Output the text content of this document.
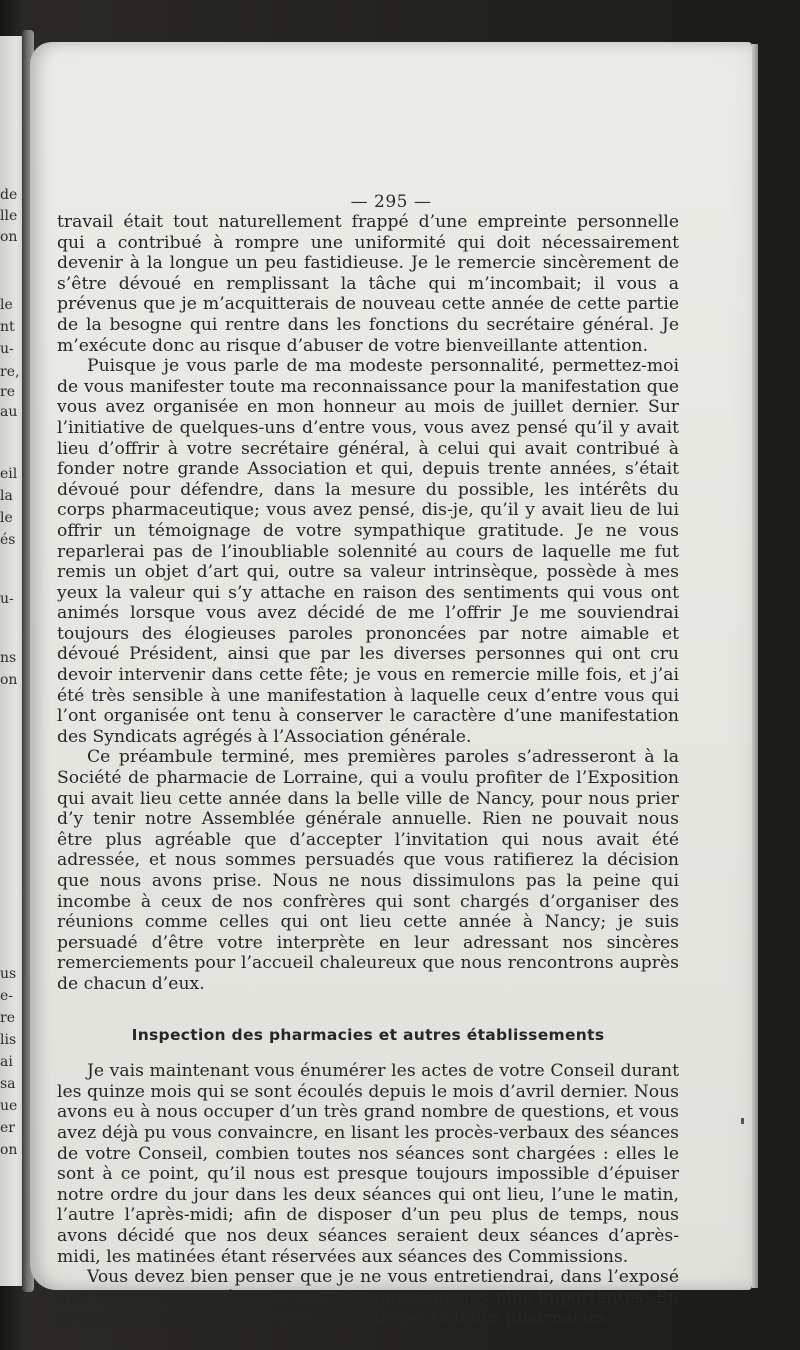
de
lle
on
le
nt
u-
re,
re
au
eil
la
le
és
u-
ns
on
us
e-
re
lis
ai
sa
ue
er
on
— 295 —

travail était tout naturellement frappé d’une empreinte personnelle qui a contribué à rompre une uniformité qui doit nécessairement devenir à la longue un peu fastidieuse. Je le remercie sincèrement de s’être dévoué en remplissant la tâche qui m’incombait; il vous a prévenus que je m’acquitterais de nouveau cette année de cette partie de la besogne qui rentre dans les fonctions du secrétaire général. Je m’exécute donc au risque d’abuser de votre bienveillante attention.

Puisque je vous parle de ma modeste personnalité, permettez-moi de vous manifester toute ma reconnaissance pour la manifestation que vous avez organisée en mon honneur au mois de juillet dernier. Sur l’initiative de quelques-uns d’entre vous, vous avez pensé qu’il y avait lieu d’offrir à votre secrétaire général, à celui qui avait contribué à fonder notre grande Association et qui, depuis trente années, s’était dévoué pour défendre, dans la mesure du possible, les intérêts du corps pharmaceutique; vous avez pensé, dis-je, qu’il y avait lieu de lui offrir un témoignage de votre sympathique gratitude. Je ne vous reparlerai pas de l’inoubliable solennité au cours de laquelle me fut remis un objet d’art qui, outre sa valeur intrinsèque, possède à mes yeux la valeur qui s’y attache en raison des sentiments qui vous ont animés lorsque vous avez décidé de me l’offrir Je me souviendrai toujours des élogieuses paroles prononcées par notre aimable et dévoué Président, ainsi que par les diverses personnes qui ont cru devoir intervenir dans cette fête; je vous en remercie mille fois, et j’ai été très sensible à une manifestation à laquelle ceux d’entre vous qui l’ont organisée ont tenu à conserver le caractère d’une manifestation des Syndicats agrégés à l’Association générale.

Ce préambule terminé, mes premières paroles s’adresseront à la Société de pharmacie de Lorraine, qui a voulu profiter de l’Exposition qui avait lieu cette année dans la belle ville de Nancy, pour nous prier d’y tenir notre Assemblée générale annuelle. Rien ne pouvait nous être plus agréable que d’accepter l’invitation qui nous avait été adressée, et nous sommes persuadés que vous ratifierez la décision que nous avons prise. Nous ne nous dissimulons pas la peine qui incombe à ceux de nos confrères qui sont chargés d’organiser des réunions comme celles qui ont lieu cette année à Nancy; je suis persuadé d’être votre interprète en leur adressant nos sincères remerciements pour l’accueil chaleureux que nous rencontrons auprès de chacun d’eux.

Inspection des pharmacies et autres établissements

Je vais maintenant vous énumérer les actes de votre Conseil durant les quinze mois qui se sont écoulés depuis le mois d’avril dernier. Nous avons eu à nous occuper d’un très grand nombre de questions, et vous avez déjà pu vous convaincre, en lisant les procès-verbaux des séances de votre Conseil, combien toutes nos séances sont chargées : elles le sont à ce point, qu’il nous est presque toujours impossible d’épuiser notre ordre du jour dans les deux séances qui ont lieu, l’une le matin, l’autre l’après-midi; afin de disposer d’un peu plus de temps, nous avons décidé que nos deux séances seraient deux séances d’après-midi, les matinées étant réservées aux séances des Commissions.

Vous devez bien penser que je ne vous entretiendrai, dans l’exposé que je vais vous présenter, que des questions les plus importantes. En première ligne, je vous parlerai de l’inspection des pharmacies.
